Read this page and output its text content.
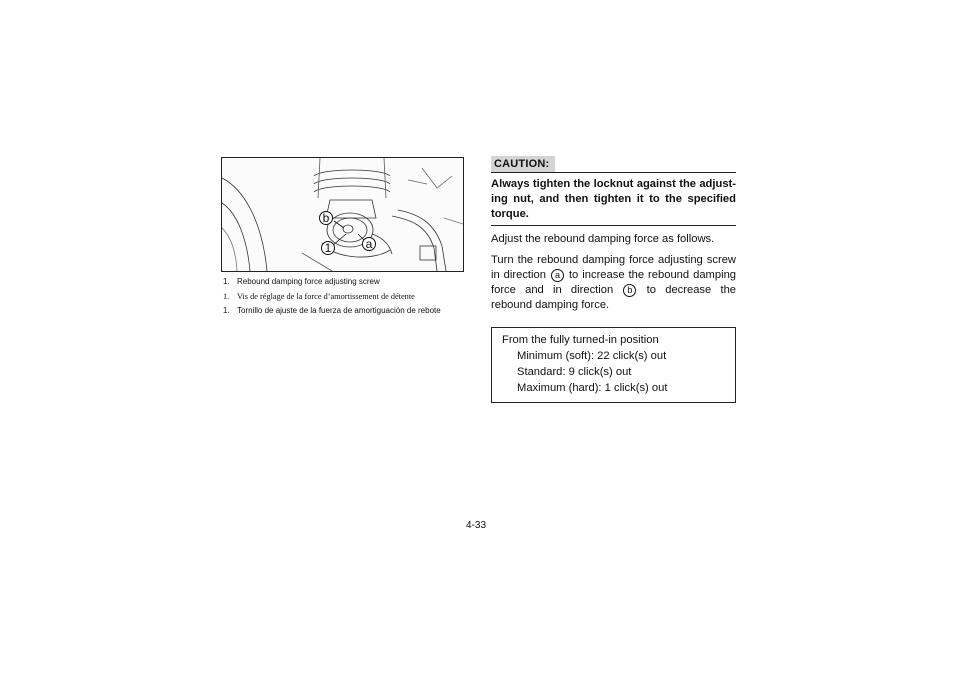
b
1	a
1. Rebound damping force adjusting screw
1. Vis de réglage de la force d’amortissement de détente
1. Tornillo de ajuste de la fuerza de amortiguación de rebote
CAUTION:
Always tighten the locknut against the adjust-ing nut, and then tighten it to the specified torque.

Adjust the rebound damping force as follows.

Turn the rebound damping force adjusting screw in direction a to increase the rebound damping force and in direction b to decrease the rebound damping force.

From the fully turned-in position
Minimum (soft): 22 click(s) out
Standard: 9 click(s) out
Maximum (hard): 1 click(s) out
4-33
